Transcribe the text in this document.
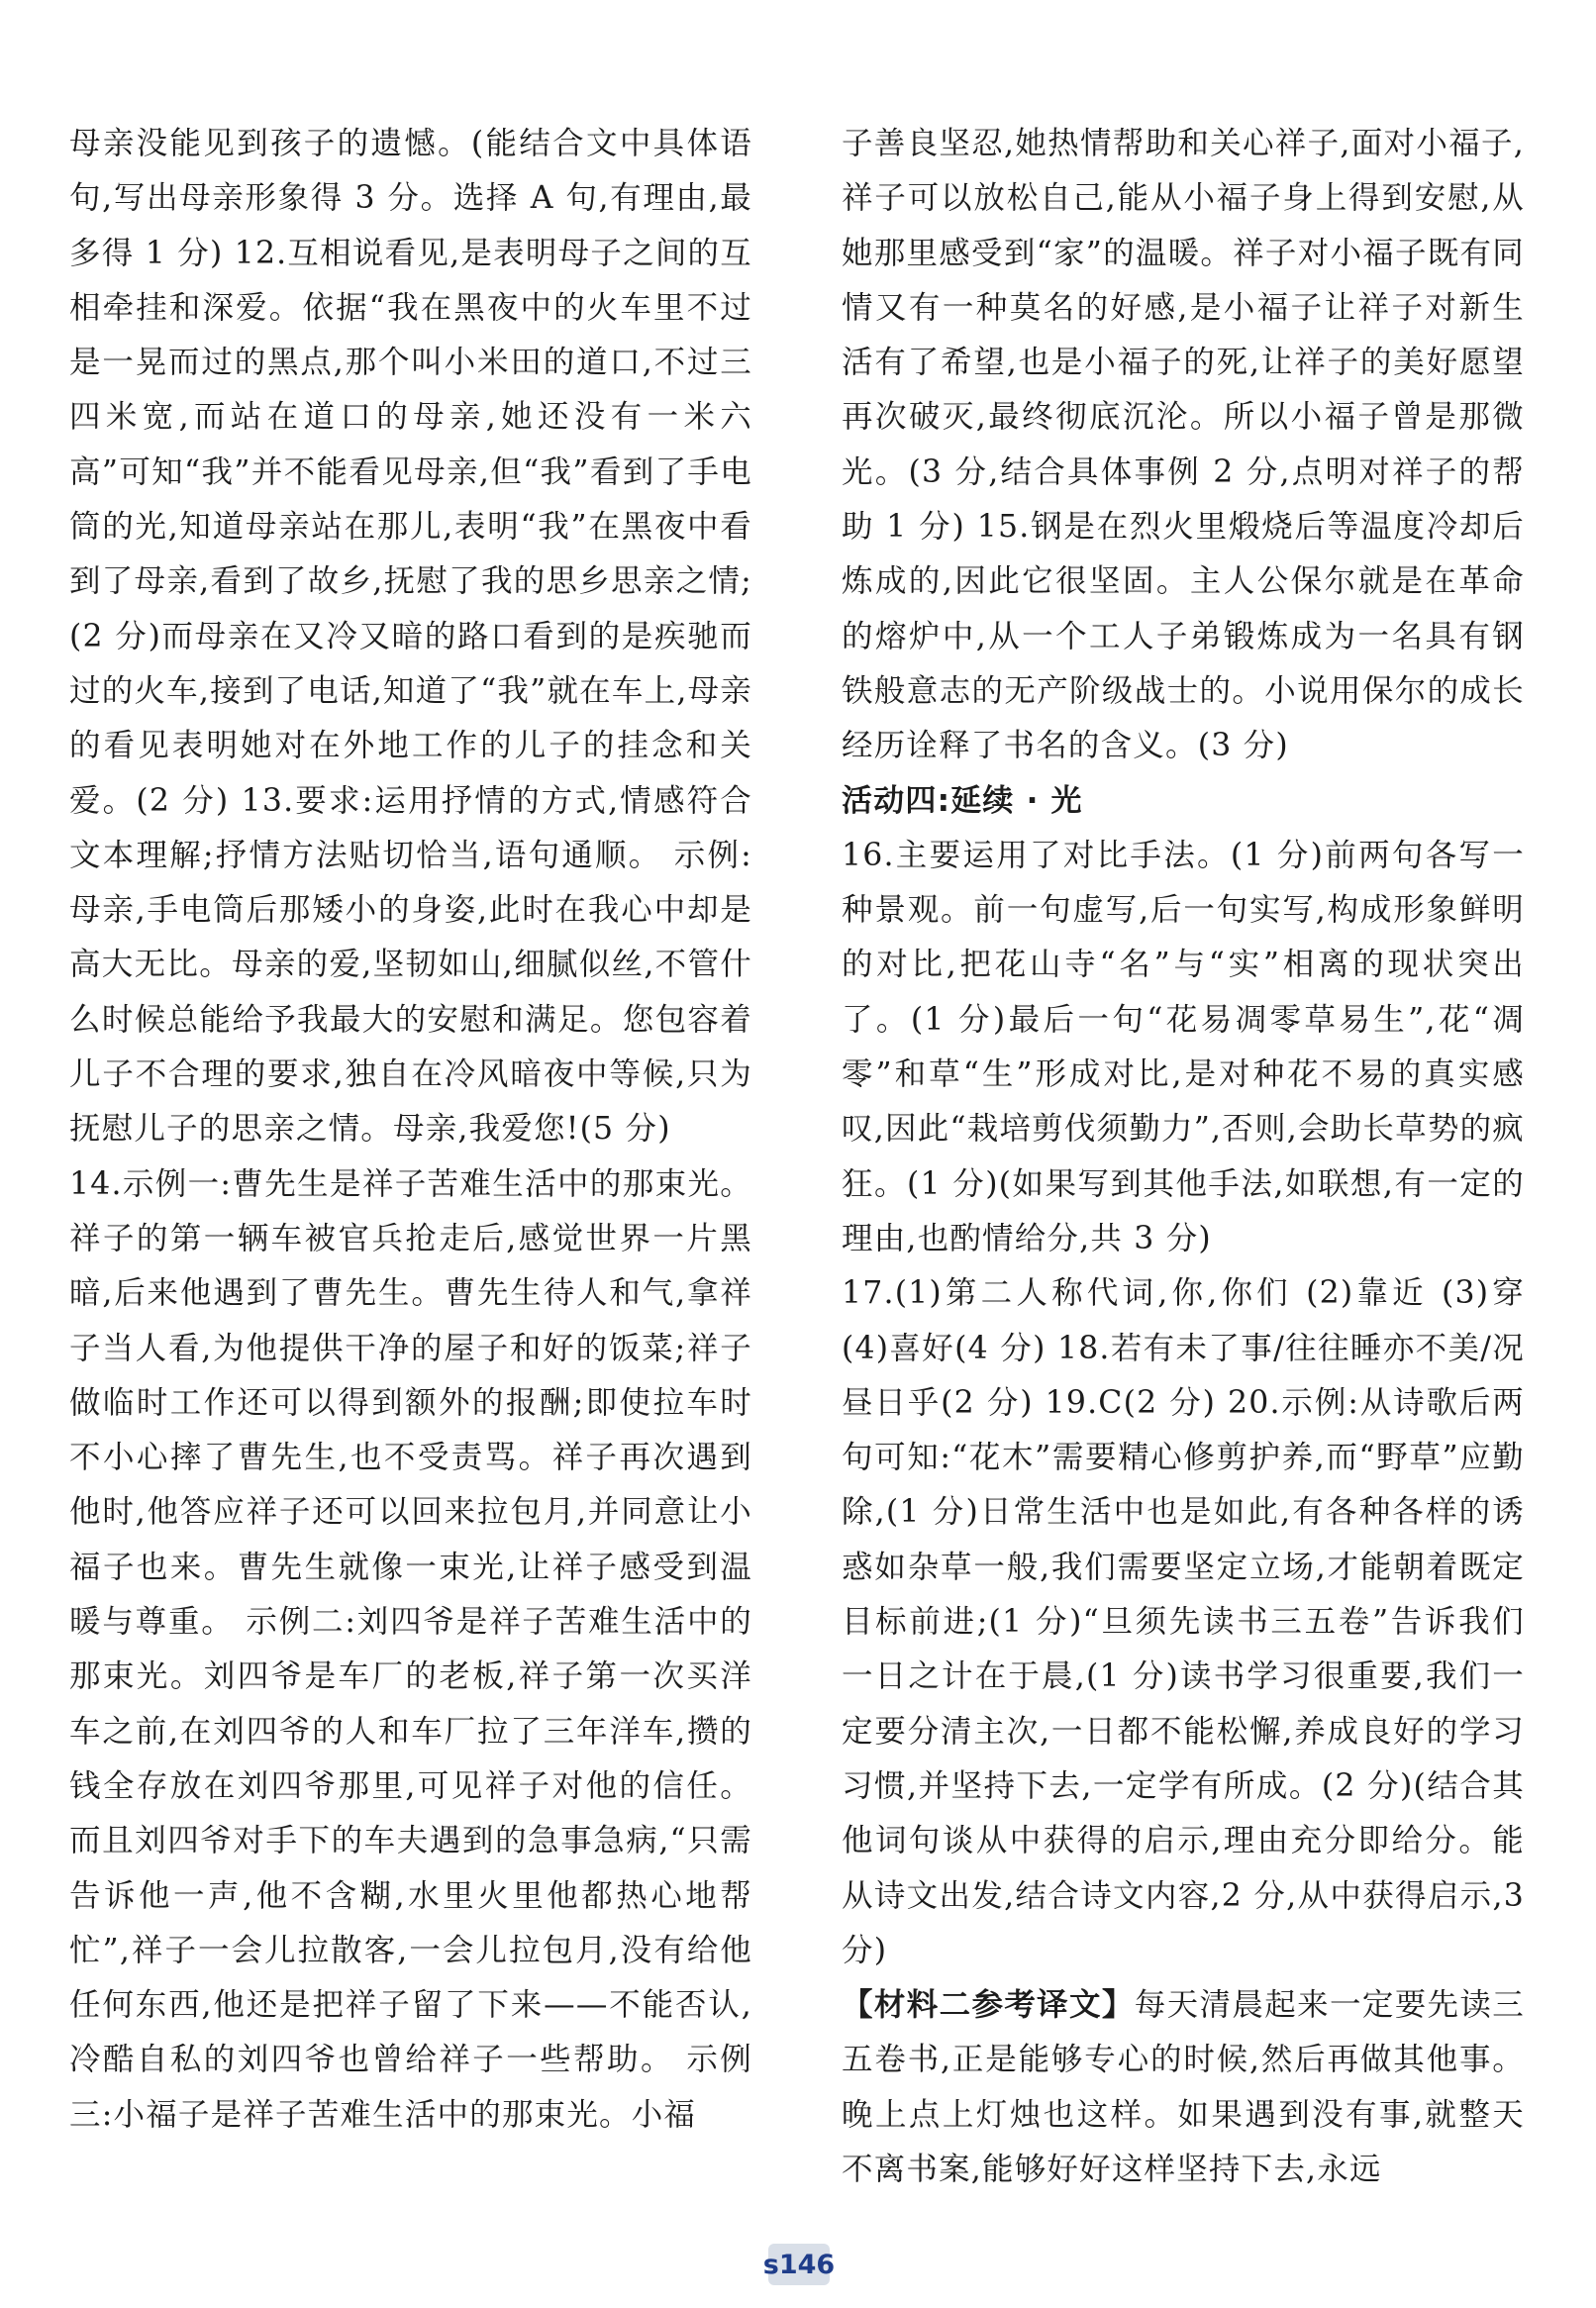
母亲没能见到孩子的遗憾。(能结合文中具体语句,写出母亲形象得 3 分。选择 A 句,有理由,最多得 1 分) 12.互相说看见,是表明母子之间的互相牵挂和深爱。依据“我在黑夜中的火车里不过是一晃而过的黑点,那个叫小米田的道口,不过三四米宽,而站在道口的母亲,她还没有一米六高”可知“我”并不能看见母亲,但“我”看到了手电筒的光,知道母亲站在那儿,表明“我”在黑夜中看到了母亲,看到了故乡,抚慰了我的思乡思亲之情;(2 分)而母亲在又冷又暗的路口看到的是疾驰而过的火车,接到了电话,知道了“我”就在车上,母亲的看见表明她对在外地工作的儿子的挂念和关爱。(2 分) 13.要求:运用抒情的方式,情感符合文本理解;抒情方法贴切恰当,语句通顺。 示例:母亲,手电筒后那矮小的身姿,此时在我心中却是高大无比。母亲的爱,坚韧如山,细腻似丝,不管什么时候总能给予我最大的安慰和满足。您包容着儿子不合理的要求,独自在冷风暗夜中等候,只为抚慰儿子的思亲之情。母亲,我爱您!(5 分)
14.示例一:曹先生是祥子苦难生活中的那束光。祥子的第一辆车被官兵抢走后,感觉世界一片黑暗,后来他遇到了曹先生。曹先生待人和气,拿祥子当人看,为他提供干净的屋子和好的饭菜;祥子做临时工作还可以得到额外的报酬;即使拉车时不小心摔了曹先生,也不受责骂。祥子再次遇到他时,他答应祥子还可以回来拉包月,并同意让小福子也来。曹先生就像一束光,让祥子感受到温暖与尊重。 示例二:刘四爷是祥子苦难生活中的那束光。刘四爷是车厂的老板,祥子第一次买洋车之前,在刘四爷的人和车厂拉了三年洋车,攒的钱全存放在刘四爷那里,可见祥子对他的信任。而且刘四爷对手下的车夫遇到的急事急病,“只需告诉他一声,他不含糊,水里火里他都热心地帮忙”,祥子一会儿拉散客,一会儿拉包月,没有给他任何东西,他还是把祥子留了下来——不能否认,冷酷自私的刘四爷也曾给祥子一些帮助。 示例三:小福子是祥子苦难生活中的那束光。小福
子善良坚忍,她热情帮助和关心祥子,面对小福子,祥子可以放松自己,能从小福子身上得到安慰,从她那里感受到“家”的温暖。祥子对小福子既有同情又有一种莫名的好感,是小福子让祥子对新生活有了希望,也是小福子的死,让祥子的美好愿望再次破灭,最终彻底沉沦。所以小福子曾是那微光。(3 分,结合具体事例 2 分,点明对祥子的帮助 1 分) 15.钢是在烈火里煅烧后等温度冷却后炼成的,因此它很坚固。主人公保尔就是在革命的熔炉中,从一个工人子弟锻炼成为一名具有钢铁般意志的无产阶级战士的。小说用保尔的成长经历诠释了书名的含义。(3 分)
活动四:延续 · 光
16.主要运用了对比手法。(1 分)前两句各写一种景观。前一句虚写,后一句实写,构成形象鲜明的对比,把花山寺“名”与“实”相离的现状突出了。(1 分)最后一句“花易凋零草易生”,花“凋零”和草“生”形成对比,是对种花不易的真实感叹,因此“栽培剪伐须勤力”,否则,会助长草势的疯狂。(1 分)(如果写到其他手法,如联想,有一定的理由,也酌情给分,共 3 分)
17.(1)第二人称代词,你,你们 (2)靠近 (3)穿 (4)喜好(4 分) 18.若有未了事/往往睡亦不美/况昼日乎(2 分) 19.C(2 分) 20.示例:从诗歌后两句可知:“花木”需要精心修剪护养,而“野草”应勤除,(1 分)日常生活中也是如此,有各种各样的诱惑如杂草一般,我们需要坚定立场,才能朝着既定目标前进;(1 分)“旦须先读书三五卷”告诉我们一日之计在于晨,(1 分)读书学习很重要,我们一定要分清主次,一日都不能松懈,养成良好的学习习惯,并坚持下去,一定学有所成。(2 分)(结合其他词句谈从中获得的启示,理由充分即给分。能从诗文出发,结合诗文内容,2 分,从中获得启示,3 分)
【材料二参考译文】每天清晨起来一定要先读三五卷书,正是能够专心的时候,然后再做其他事。晚上点上灯烛也这样。如果遇到没有事,就整天不离书案,能够好好这样坚持下去,永远
s146
